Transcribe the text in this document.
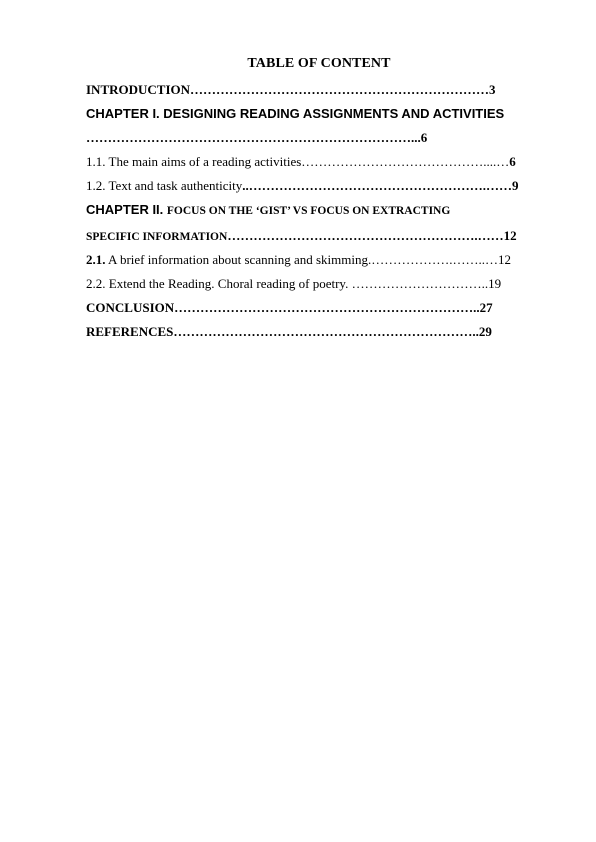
TABLE OF CONTENT
INTRODUCTION……………………………………………………………3
CHAPTER I. DESIGNING READING ASSIGNMENTS AND ACTIVITIES
…………………………………………………………………...6
1.1. The main aims of a reading activities……………………………………....…6
1.2. Text and task authenticity..……………………………………………….……9
CHAPTER II. FOCUS ON THE ‘GIST’ VS FOCUS ON EXTRACTING
SPECIFIC INFORMATION………………………………………………….……12
2.1. A brief information about scanning and skimming.……………….……..…12
2.2. Extend the Reading. Choral reading of poetry. …………………………..19
CONCLUSION……………………………………………………………..27
REFERENCES……………………………………………………………..29
